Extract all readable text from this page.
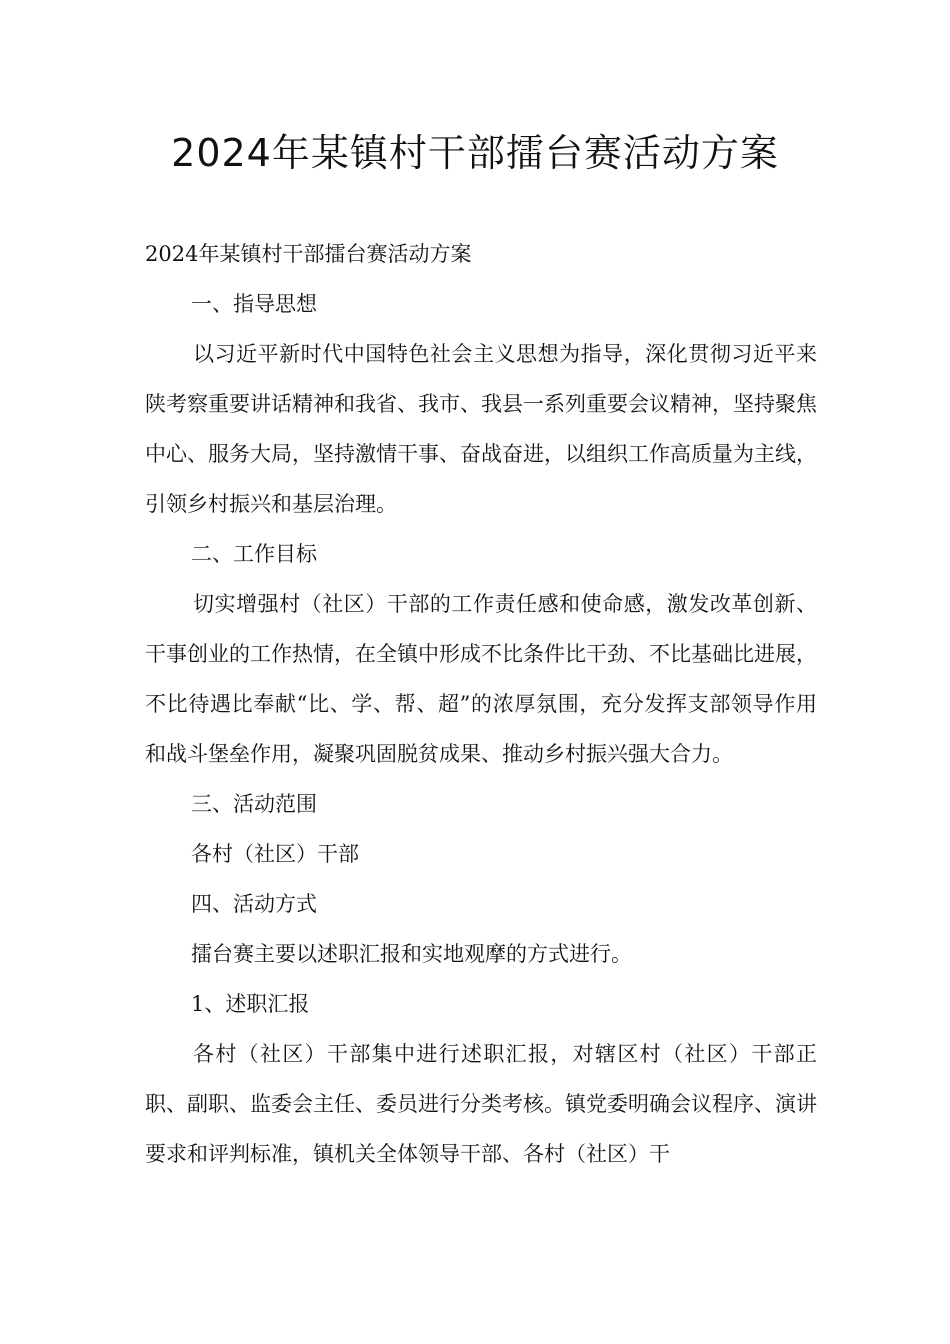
2024年某镇村干部擂台赛活动方案

2024年某镇村干部擂台赛活动方案

一、指导思想

以习近平新时代中国特色社会主义思想为指导，深化贯彻习近平来陕考察重要讲话精神和我省、我市、我县一系列重要会议精神，坚持聚焦中心、服务大局，坚持激情干事、奋战奋进，以组织工作高质量为主线，引领乡村振兴和基层治理。

二、工作目标

切实增强村（社区）干部的工作责任感和使命感，激发改革创新、干事创业的工作热情，在全镇中形成不比条件比干劲、不比基础比进展，不比待遇比奉献“比、学、帮、超”的浓厚氛围，充分发挥支部领导作用和战斗堡垒作用，凝聚巩固脱贫成果、推动乡村振兴强大合力。

三、活动范围

各村（社区）干部

四、活动方式

擂台赛主要以述职汇报和实地观摩的方式进行。

1、述职汇报

各村（社区）干部集中进行述职汇报，对辖区村（社区）干部正职、副职、监委会主任、委员进行分类考核。镇党委明确会议程序、演讲要求和评判标准，镇机关全体领导干部、各村（社区）干
